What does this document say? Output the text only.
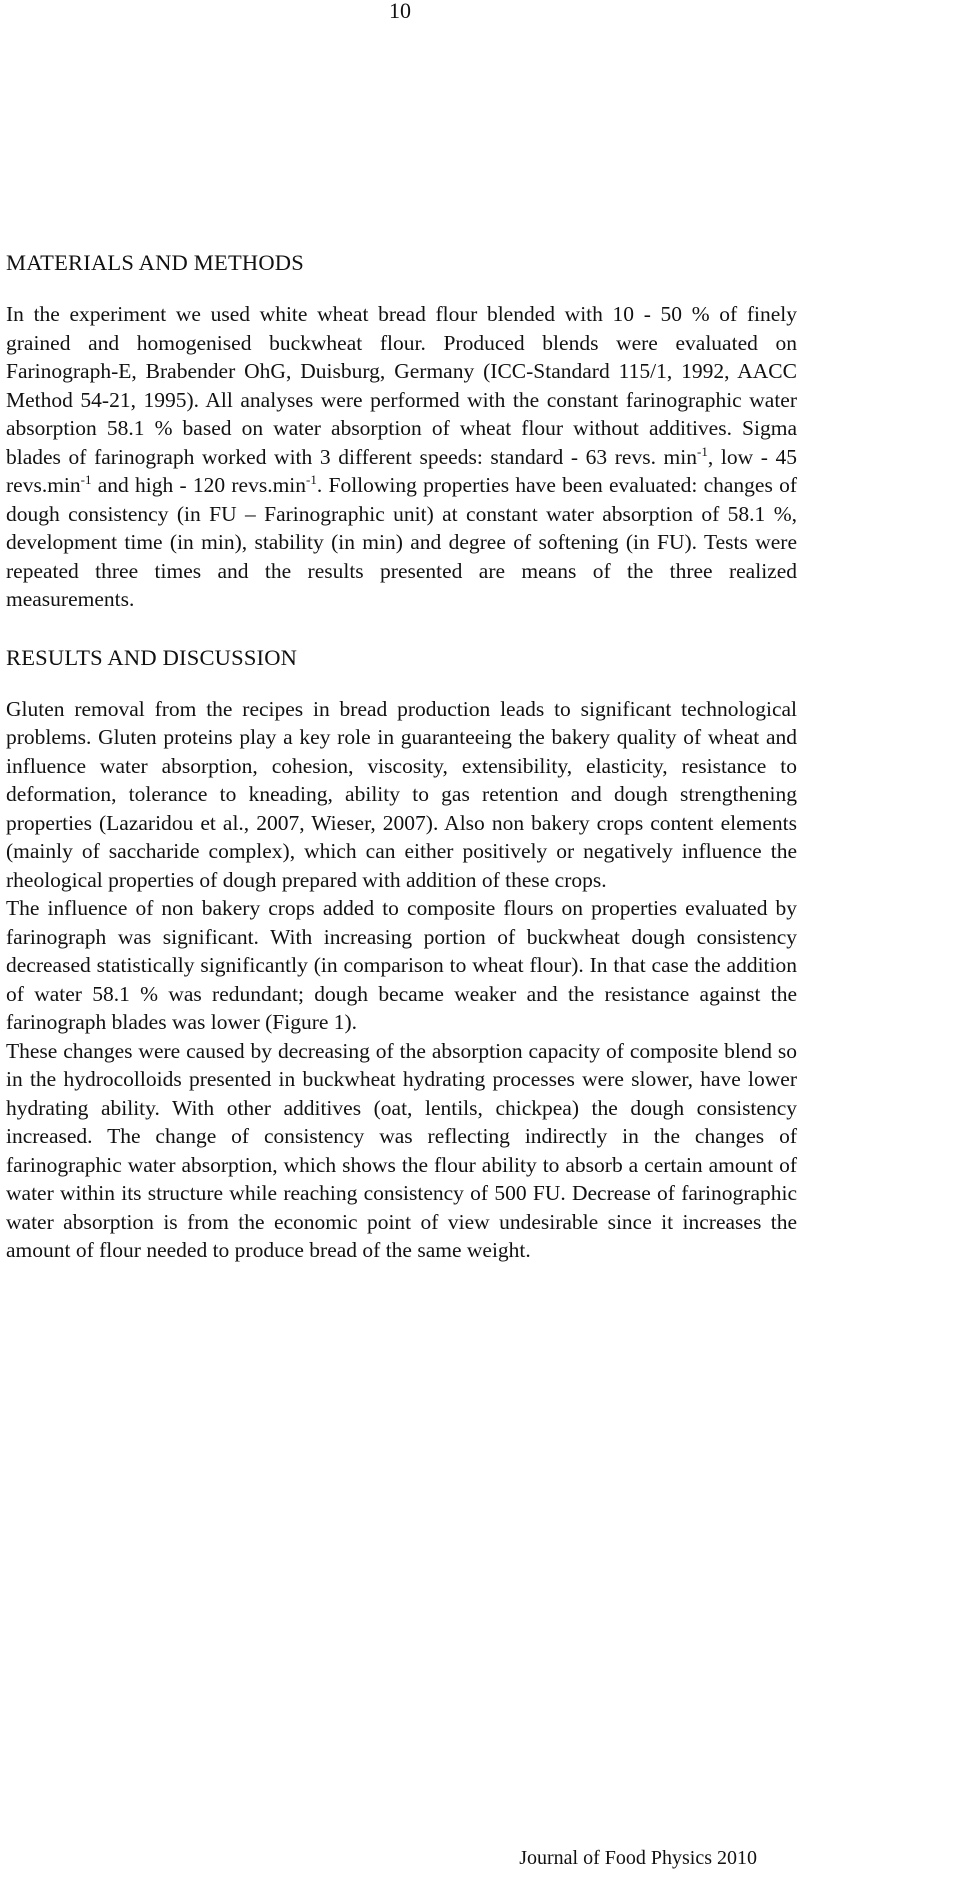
10
MATERIALS AND METHODS

In the experiment we used white wheat bread flour blended with 10 - 50 % of finely grained and homogenised buckwheat flour. Produced blends were evaluated on Farinograph-E, Brabender OhG, Duisburg, Germany (ICC-Standard 115/1, 1992, AACC Method 54-21, 1995). All analyses were performed with the constant farinographic water absorption 58.1 % based on water absorption of wheat flour without additives. Sigma blades of farinograph worked with 3 different speeds: standard - 63 revs. $\min^{-1}$, low - 45 $revs.\min^{-1}$ and high - 120 $revs.\min^{-1}$. Following properties have been evaluated: changes of dough consistency (in FU – Farinographic unit) at constant water absorption of 58.1 %, development time (in min), stability (in min) and degree of softening (in FU). Tests were repeated three times and the results presented are means of the three realized measurements.

RESULTS AND DISCUSSION

Gluten removal from the recipes in bread production leads to significant technological problems. Gluten proteins play a key role in guaranteeing the bakery quality of wheat and influence water absorption, cohesion, viscosity, extensibility, elasticity, resistance to deformation, tolerance to kneading, ability to gas retention and dough strengthening properties (Lazaridou et al., 2007, Wieser, 2007). Also non bakery crops content elements (mainly of saccharide complex), which can either positively or negatively influence the rheological properties of dough prepared with addition of these crops.

The influence of non bakery crops added to composite flours on properties evaluated by farinograph was significant. With increasing portion of buckwheat dough consistency decreased statistically significantly (in comparison to wheat flour). In that case the addition of water 58.1 % was redundant; dough became weaker and the resistance against the farinograph blades was lower (Figure 1).

These changes were caused by decreasing of the absorption capacity of composite blend so in the hydrocolloids presented in buckwheat hydrating processes were slower, have lower hydrating ability. With other additives (oat, lentils, chickpea) the dough consistency increased. The change of consistency was reflecting indirectly in the changes of farinographic water absorption, which shows the flour ability to absorb a certain amount of water within its structure while reaching consistency of 500 FU. Decrease of farinographic water absorption is from the economic point of view undesirable since it increases the amount of flour needed to produce bread of the same weight.

Journal of Food Physics 2010
